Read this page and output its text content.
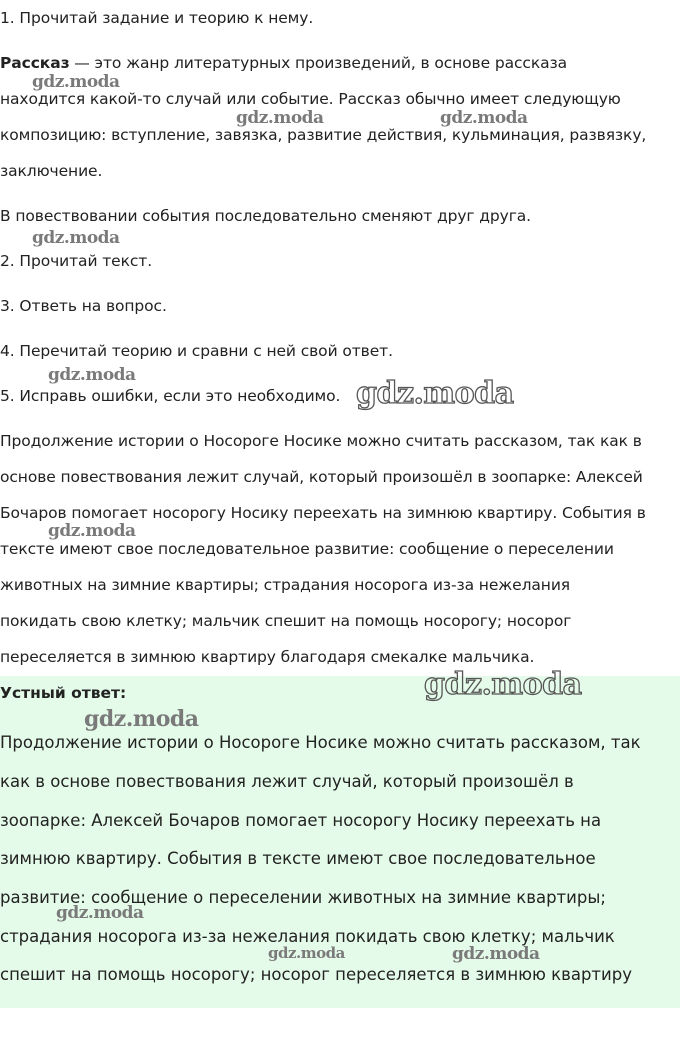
1. Прочитай задание и теорию к нему.
Рассказ — это жанр литературных произведений, в основе рассказа
находится какой-то случай или событие. Рассказ обычно имеет следующую
композицию: вступление, завязка, развитие действия, кульминация, развязку,
заключение.
В повествовании события последовательно сменяют друг друга.
2. Прочитай текст.
3. Ответь на вопрос.
4. Перечитай теорию и сравни с ней свой ответ.
5. Исправь ошибки, если это необходимо.
Продолжение истории о Носороге Носике можно считать рассказом, так как в
основе повествования лежит случай, который произошёл в зоопарке: Алексей
Бочаров помогает носорогу Носику переехать на зимнюю квартиру. События в
тексте имеют свое последовательное развитие: сообщение о переселении
животных на зимние квартиры; страдания носорога из-за нежелания
покидать свою клетку; мальчик спешит на помощь носорогу; носорог
переселяется в зимнюю квартиру благодаря смекалке мальчика.
Устный ответ:
Продолжение истории о Носороге Носике можно считать рассказом, так
как в основе повествования лежит случай, который произошёл в
зоопарке: Алексей Бочаров помогает носорогу Носику переехать на
зимнюю квартиру. События в тексте имеют свое последовательное
развитие: сообщение о переселении животных на зимние квартиры;
страдания носорога из-за нежелания покидать свою клетку; мальчик
спешит на помощь носорогу; носорог переселяется в зимнюю квартиру
gdz.moda
gdz.moda	gdz.moda
gdz.moda
gdz.moda
gdz.moda
gdz.moda
gdz.moda
gdz.moda
gdz.moda
gdz.moda	gdz.moda
